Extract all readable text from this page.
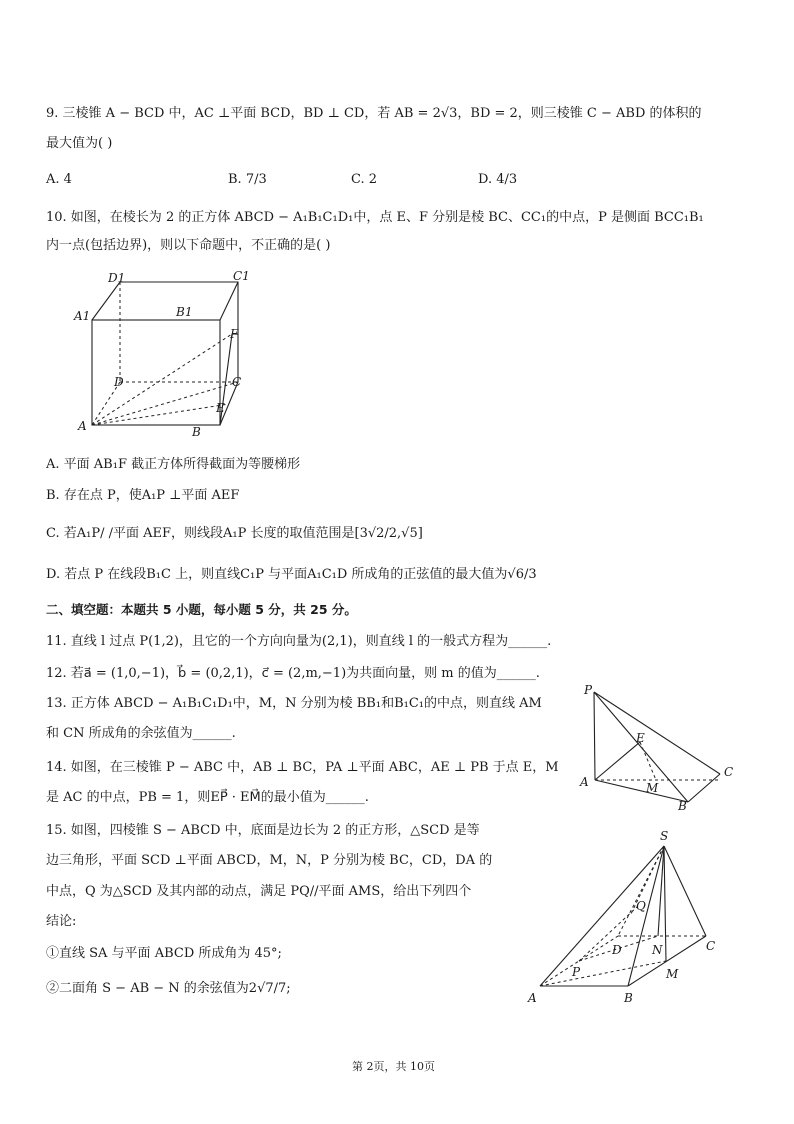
9. 三棱锥 A − BCD 中，AC ⊥平面 BCD，BD ⊥ CD，若 AB = 2√3，BD = 2，则三棱锥 C − ABD 的体积的
最大值为( )
A. 4	B. 7/3	C. 2	D. 4/3
10. 如图，在棱长为 2 的正方体 ABCD − A₁B₁C₁D₁中，点 E、F 分别是棱 BC、CC₁的中点，P 是侧面 BCC₁B₁
内一点(包括边界)，则以下命题中，不正确的是( )
D1	C1
A1	B1
F
D	C
E
A	B
A. 平面 AB₁F 截正方体所得截面为等腰梯形
B. 存在点 P，使A₁P ⊥平面 AEF
C. 若A₁P/ /平面 AEF，则线段A₁P 长度的取值范围是[3√2/2,√5]
D. 若点 P 在线段B₁C 上，则直线C₁P 与平面A₁C₁D 所成角的正弦值的最大值为√6/3
二、填空题：本题共 5 小题，每小题 5 分，共 25 分。
11. 直线 l 过点 P(1,2)，且它的一个方向向量为(2,1)，则直线 l 的一般式方程为______.
12. 若a⃗ = (1,0,−1)，b⃗ = (0,2,1)，c⃗ = (2,m,−1)为共面向量，则 m 的值为______.
13. 正方体 ABCD − A₁B₁C₁D₁中，M，N 分别为棱 BB₁和B₁C₁的中点，则直线 AM
和 CN 所成角的余弦值为______.
14. 如图，在三棱锥 P − ABC 中，AB ⊥ BC，PA ⊥平面 ABC，AE ⊥ PB 于点 E，M
是 AC 的中点，PB = 1，则EP⃗ · EM⃗的最小值为______.
P
E
A	M
C
B
15. 如图，四棱锥 S − ABCD 中，底面是边长为 2 的正方形，△SCD 是等
边三角形，平面 SCD ⊥平面 ABCD，M，N，P 分别为棱 BC，CD，DA 的
中点，Q 为△SCD 及其内部的动点，满足 PQ//平面 AMS，给出下列四个
结论:
①直线 SA 与平面 ABCD 所成角为 45°;
②二面角 S − AB − N 的余弦值为2√7/7;
S
Q
D	N	C
P	M
A	B
第 2页，共 10页
